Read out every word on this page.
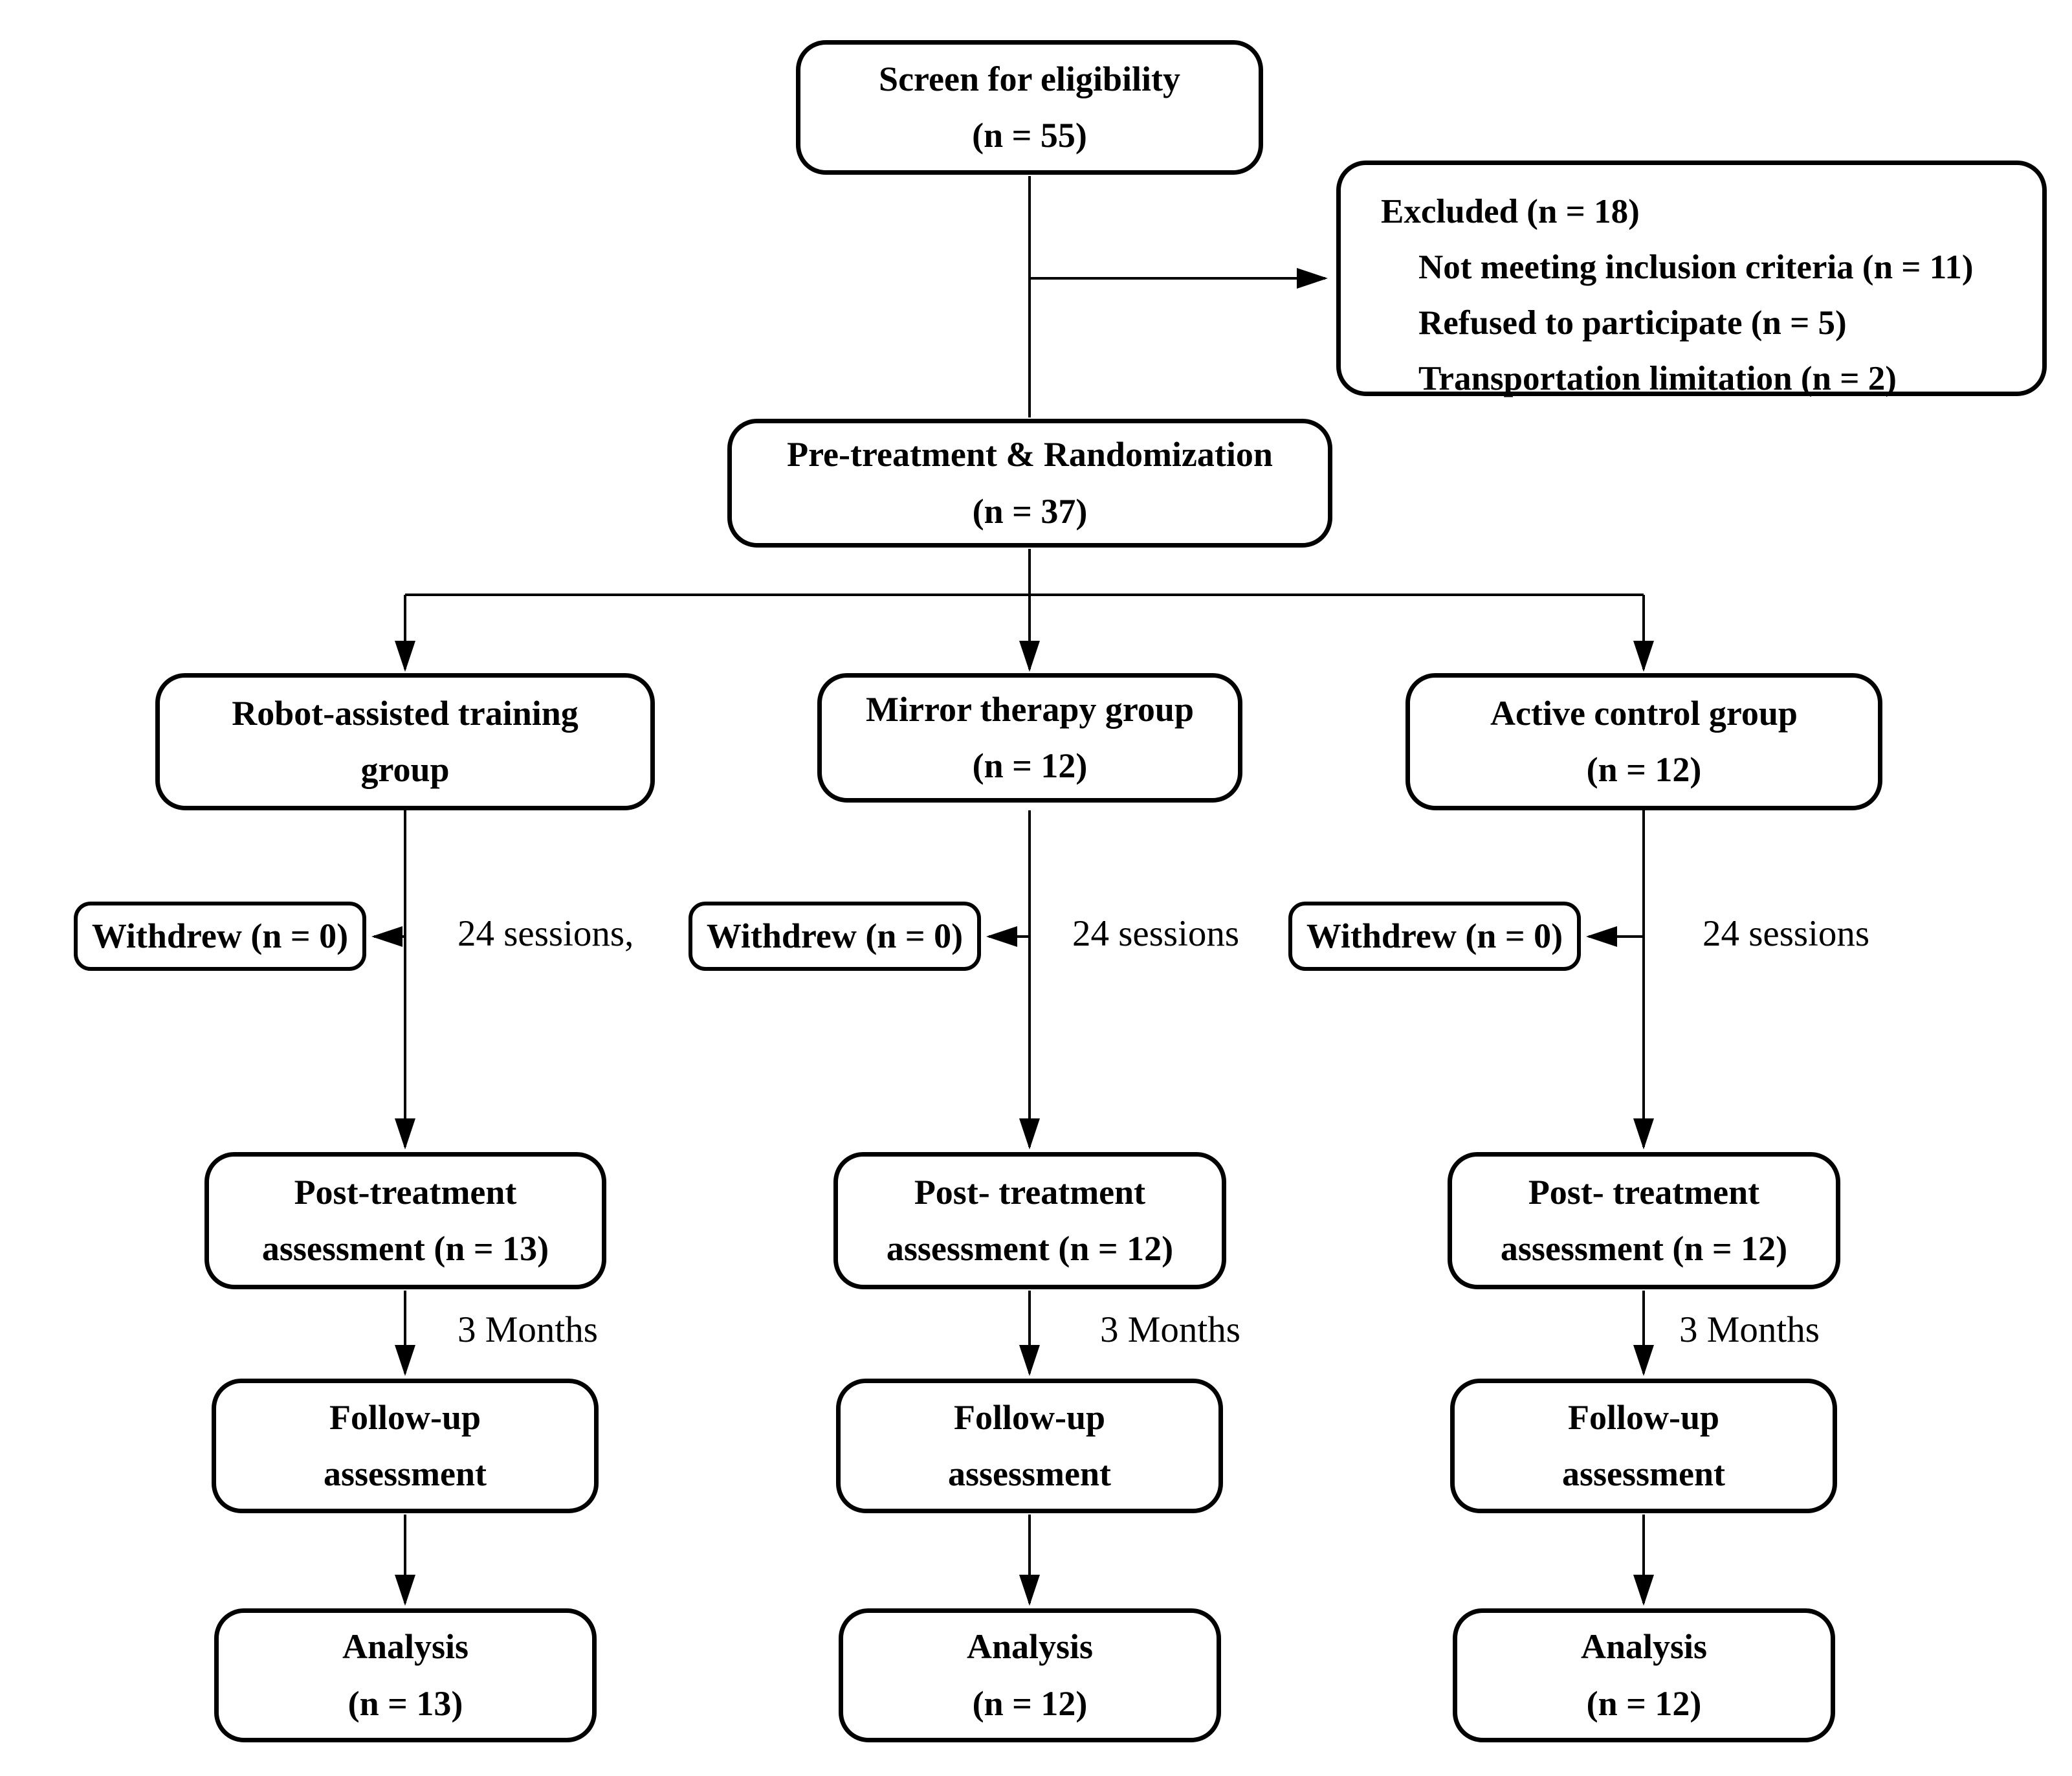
Screen for eligibility
(n = 55)
Excluded (n = 18)
Not meeting inclusion criteria (n = 11)
Refused to participate (n = 5)
Transportation limitation (n = 2)
Pre-treatment & Randomization
(n = 37)
Robot-assisted training
group
Mirror therapy group
(n = 12)
Active control group
(n = 12)
Withdrew (n = 0)	24 sessions, Withdrew (n = 0)	24 sessions Withdrew (n = 0)	24 sessions
Post-treatment
assessment (n = 13)
Post- treatment
assessment (n = 12)
Post- treatment
assessment (n = 12)
3 Months	3 Months	3 Months
Follow-up
assessment
Follow-up
assessment
Follow-up
assessment
Analysis
(n = 13)
Analysis
(n = 12)
Analysis
(n = 12)
